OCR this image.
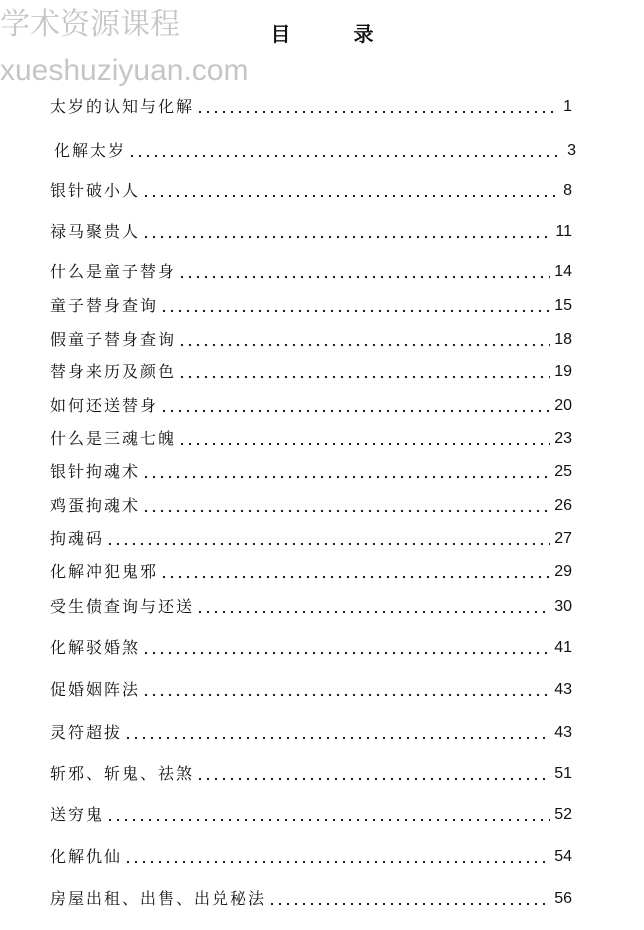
目 录
太岁的认知与化解	1
化解太岁	3
银针破小人	8
禄马聚贵人	11
什么是童子替身	14
童子替身查询	15
假童子替身查询	18
替身来历及颜色	19
如何还送替身	20
什么是三魂七魄	23
银针拘魂术	25
鸡蛋拘魂术	26
拘魂码	27
化解冲犯鬼邪	29
受生债查询与还送	30
化解驳婚煞	41
促婚姻阵法	43
灵符超拔	43
斩邪、斩鬼、祛煞	51
送穷鬼	52
化解仇仙	54
房屋出租、出售、出兑秘法	56
xueshuziyuan.com
学术资源课程
